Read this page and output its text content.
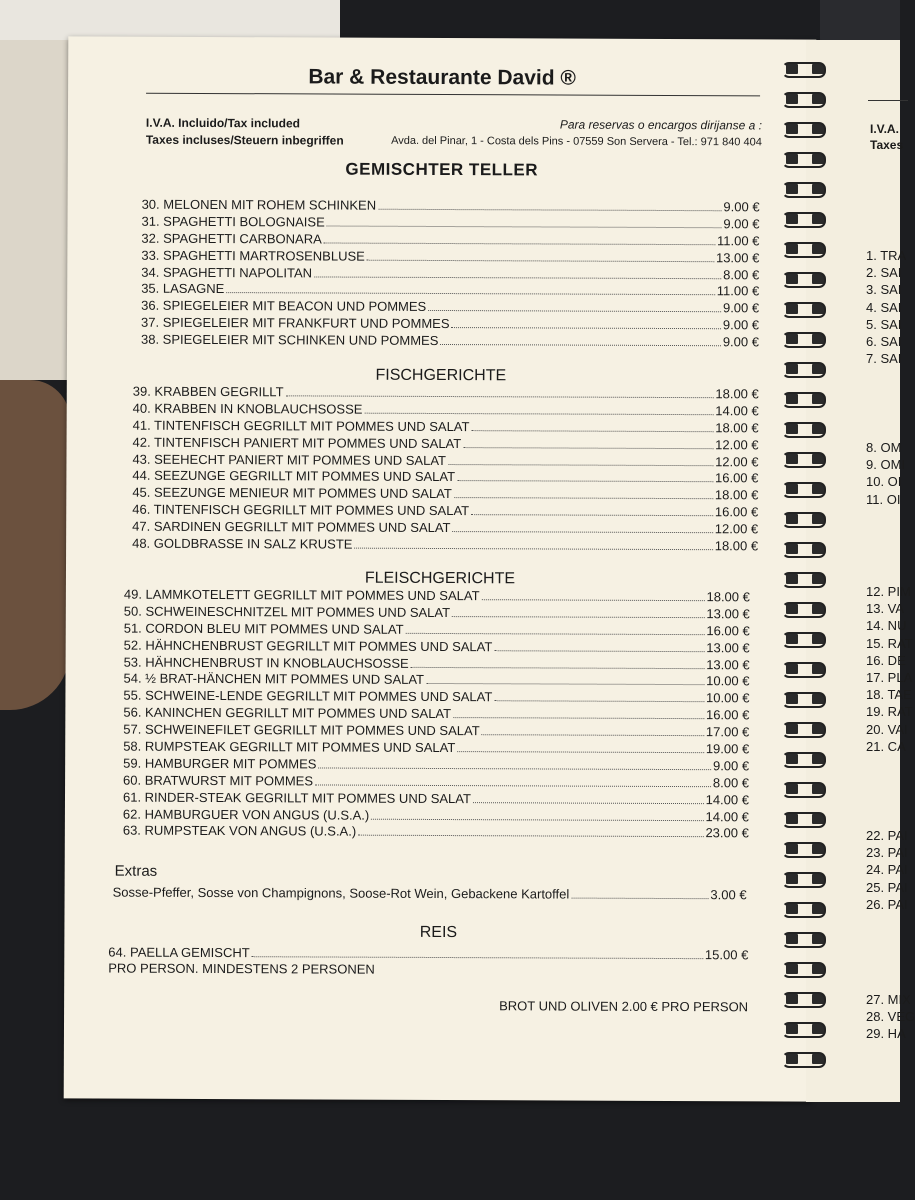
Bar & Restaurante David ®
I.V.A. Incluido/Tax included
Taxes incluses/Steuern inbegriffen
Para reservas o encargos dirijanse a :
Avda. del Pinar, 1 - Costa dels Pins - 07559 Son Servera - Tel.: 971 840 404
GEMISCHTER TELLER
30. MELONEN MIT ROHEM SCHINKEN	9.00 €
31. SPAGHETTI BOLOGNAISE	9.00 €
32. SPAGHETTI CARBONARA	11.00 €
33. SPAGHETTI MARTROSENBLUSE	13.00 €
34. SPAGHETTI NAPOLITAN	8.00 €
35. LASAGNE	11.00 €
36. SPIEGELEIER MIT BEACON UND POMMES	9.00 €
37. SPIEGELEIER MIT FRANKFURT UND POMMES	9.00 €
38. SPIEGELEIER MIT SCHINKEN UND POMMES	9.00 €
FISCHGERICHTE
39. KRABBEN GEGRILLT	18.00 €
40. KRABBEN IN KNOBLAUCHSOSSE	14.00 €
41. TINTENFISCH GEGRILLT MIT POMMES UND SALAT	18.00 €
42. TINTENFISCH PANIERT MIT POMMES UND SALAT	12.00 €
43. SEEHECHT PANIERT MIT POMMES UND SALAT	12.00 €
44. SEEZUNGE GEGRILLT MIT POMMES UND SALAT	16.00 €
45. SEEZUNGE MENIEUR MIT POMMES UND SALAT	18.00 €
46. TINTENFISCH GEGRILLT MIT POMMES UND SALAT	16.00 €
47. SARDINEN GEGRILLT MIT POMMES UND SALAT	12.00 €
48. GOLDBRASSE IN SALZ KRUSTE	18.00 €
FLEISCHGERICHTE
49. LAMMKOTELETT GEGRILLT MIT POMMES UND SALAT	18.00 €
50. SCHWEINESCHNITZEL MIT POMMES UND SALAT	13.00 €
51. CORDON BLEU MIT POMMES UND SALAT	16.00 €
52. HÄHNCHENBRUST GEGRILLT MIT POMMES UND SALAT	13.00 €
53. HÄHNCHENBRUST IN KNOBLAUCHSOSSE	13.00 €
54. ½ BRAT-HÄNCHEN MIT POMMES UND SALAT	10.00 €
55. SCHWEINE-LENDE GEGRILLT MIT POMMES UND SALAT	10.00 €
56. KANINCHEN GEGRILLT MIT POMMES UND SALAT	16.00 €
57. SCHWEINEFILET GEGRILLT MIT POMMES UND SALAT	17.00 €
58. RUMPSTEAK GEGRILLT MIT POMMES UND SALAT	19.00 €
59. HAMBURGER MIT POMMES	9.00 €
60. BRATWURST MIT POMMES	8.00 €
61. RINDER-STEAK GEGRILLT MIT POMMES UND SALAT	14.00 €
62. HAMBURGUER VON ANGUS (U.S.A.)	14.00 €
63. RUMPSTEAK VON ANGUS (U.S.A.)	23.00 €
Extras
Sosse-Pfeffer, Sosse von Champignons, Soose-Rot Wein, Gebackene Kartoffel	3.00 €
REIS
64. PAELLA GEMISCHT	15.00 €
PRO PERSON. MINDESTENS 2 PERSONEN
BROT UND OLIVEN 2.00 € PRO PERSON
I.V.A.
Taxes
1. TRA
2. SAI
3. SAI
4. SAI
5. SAI
6. SAI
7. SAI
8. OM
9. OMI
10. OI
11. OI
12. PIM
13. VA
14. NU
15. RAT
16. DE
17. PLA
18. TAE
19. RAT
20. VAI
21. CA
22. PAI
23. PAI
24. PAI
25. PAI
26. PAI
27. MIX
28. VÉG
29. HA
